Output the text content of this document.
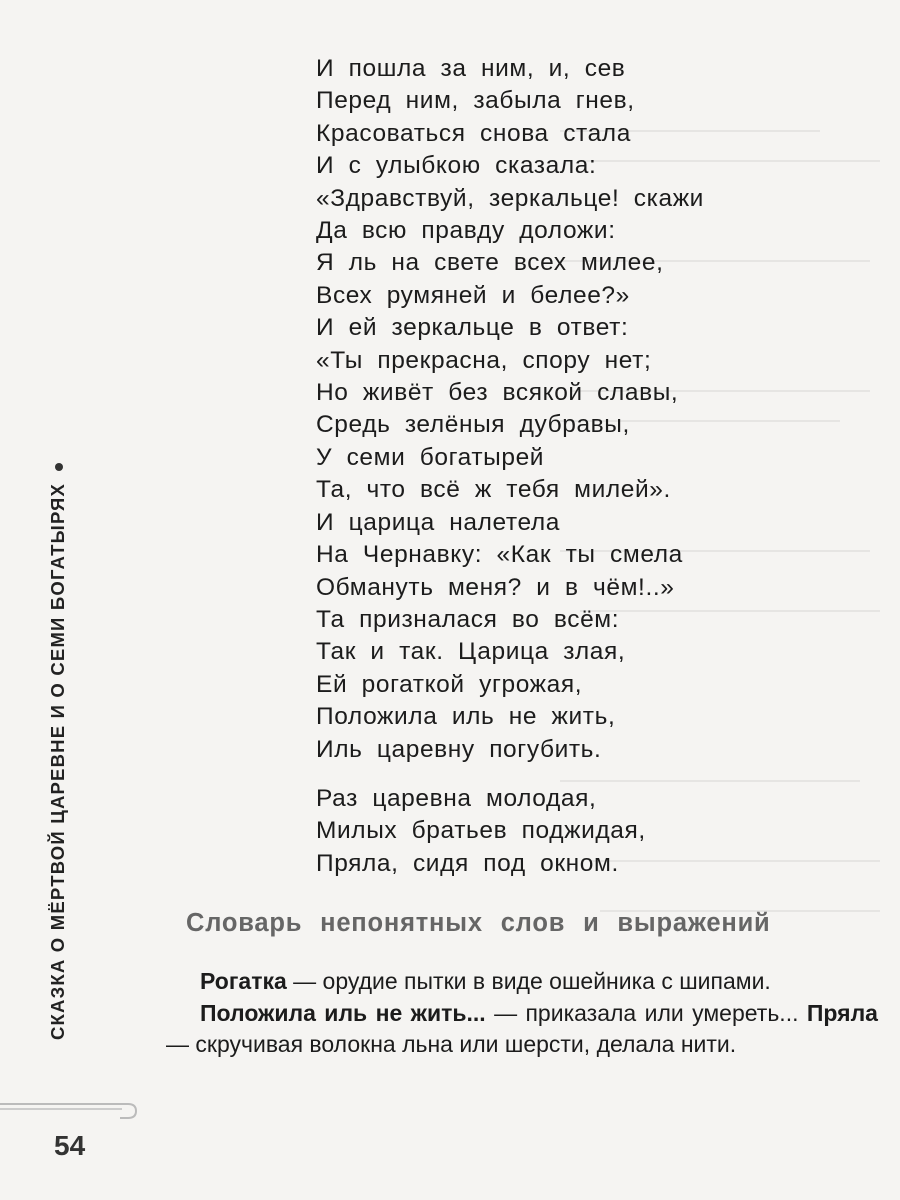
СКАЗКА О МЁРТВОЙ ЦАРЕВНЕ И О СЕМИ БОГАТЫРЯХ
И пошла за ним, и, сев
Перед ним, забыла гнев,
Красоваться снова стала
И с улыбкою сказала:
«Здравствуй, зеркальце! скажи
Да всю правду доложи:
Я ль на свете всех милее,
Всех румяней и белее?»
И ей зеркальце в ответ:
«Ты прекрасна, спору нет;
Но живёт без всякой славы,
Средь зелёныя дубравы,
У семи богатырей
Та, что всё ж тебя милей».
И царица налетела
На Чернавку: «Как ты смела
Обмануть меня? и в чём!..»
Та призналася во всём:
Так и так. Царица злая,
Ей рогаткой угрожая,
Положила иль не жить,
Иль царевну погубить.
Раз царевна молодая,
Милых братьев поджидая,
Пряла, сидя под окном.
Словарь непонятных слов и выражений

Рогатка — орудие пытки в виде ошейника с шипами.

Положила иль не жить... — приказала или умереть... Пряла — скручивая волокна льна или шерсти, делала нити.

54
